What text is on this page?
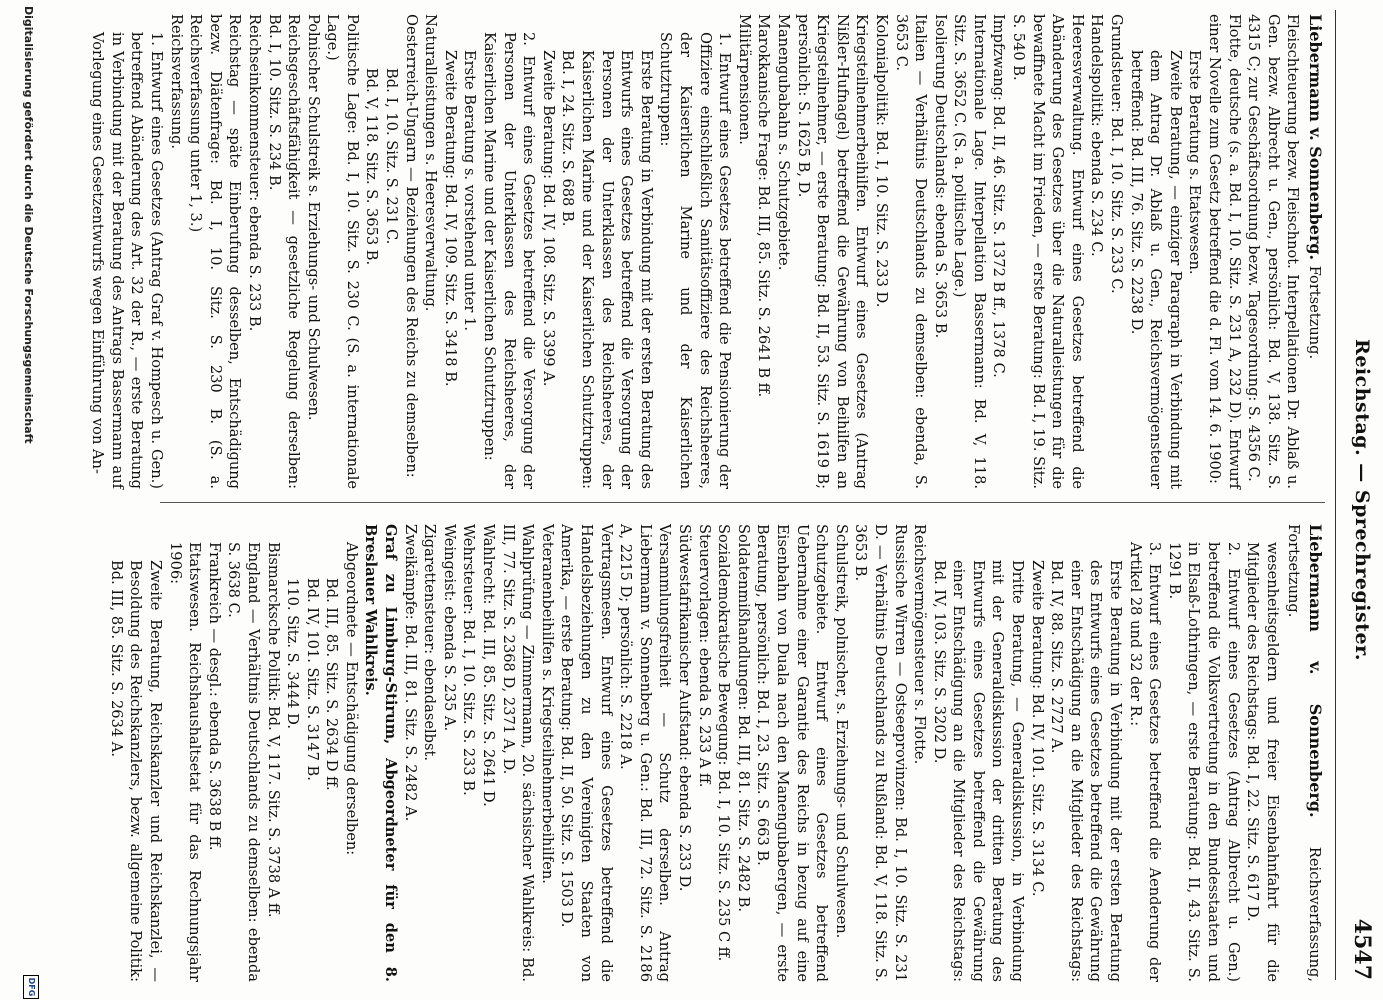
Reichstag. — Sprechregister.
4547

Liebermann v. Sonnenberg. Fortsetzung.

Fleischteuerung bezw. Fleischnot. Interpellationen Dr. Ablaß u. Gen. bezw. Albrecht u. Gen., persönlich: Bd. V, 138. Sitz. S. 4315 C; zur Geschäftsordnung bezw. Tagesordnung: S. 4356 C.

Flotte, deutsche (s. a. Bd. I, 10. Sitz. S. 231 A, 232 D). Entwurf einer Novelle zum Gesetz betreffend die d. Fl. vom 14. 6. 1900:

Erste Beratung s. Etatswesen.

Zweite Beratung, — einziger Paragraph in Verbindung mit dem Antrag Dr. Ablaß u. Gen., Reichsvermögensteuer betreffend: Bd. III, 76. Sitz. S. 2238 D.

Grundsteuer: Bd. I, 10. Sitz. S. 233 C.

Handelspolitik: ebenda S. 234 C.

Heeresverwaltung. Entwurf eines Gesetzes betreffend die Abänderung des Gesetzes über die Naturalleistungen für die bewaffnete Macht im Frieden, — erste Beratung: Bd. I, 19. Sitz. S. 540 B.

Impfzwang: Bd. II, 46. Sitz. S. 1372 B ff., 1378 C.

Internationale Lage. Interpellation Bassermann: Bd. V, 118. Sitz. S. 3652 C. (S. a. politische Lage.)

Isolierung Deutschlands: ebenda S. 3653 B.

Italien — Verhältnis Deutschlands zu demselben: ebenda, S. 3653 C.

Kolonialpolitik: Bd. I, 10. Sitz. S. 233 D.

Kriegsteilnehmerbeihilfen. Entwurf eines Gesetzes (Antrag Nißler-Hufnagel) betreffend die Gewährung von Beihilfen an Kriegsteilnehmer, — erste Beratung: Bd. II, 53. Sitz. S. 1619 B; persönlich: S. 1625 B, D.

Manengubabahn s. Schutzgebiete.

Marokkanische Frage: Bd. III, 85. Sitz. S. 2641 B ff.

Militärpensionen.

1. Entwurf eines Gesetzes betreffend die Pensionierung der Offiziere einschließlich Sanitätsoffiziere des Reichsheeres, der Kaiserlichen Marine und der Kaiserlichen Schutztruppen:

Erste Beratung in Verbindung mit der ersten Beratung des Entwurfs eines Gesetzes betreffend die Versorgung der Personen der Unterklassen des Reichsheeres, der Kaiserlichen Marine und der Kaiserlichen Schutztruppen: Bd. I, 24. Sitz. S. 688 B.

Zweite Beratung: Bd. IV, 108. Sitz. S. 3399 A.

2. Entwurf eines Gesetzes betreffend die Versorgung der Personen der Unterklassen des Reichsheeres, der Kaiserlichen Marine und der Kaiserlichen Schutztruppen:

Erste Beratung s. vorstehend unter 1.

Zweite Beratung: Bd. IV, 109. Sitz. S. 3418 B.

Naturalleistungen s. Heeresverwaltung.

Oesterreich-Ungarn — Beziehungen des Reichs zu demselben:

Bd. I, 10. Sitz. S. 231 C.

Bd. V, 118. Sitz. S. 3653 B.

Politische Lage: Bd. I, 10. Sitz. S. 230 C. (S. a. internationale Lage.)

Polnischer Schulstreik s. Erziehungs- und Schulwesen.

Reichsgeschäftsfähigkeit — gesetzliche Regelung derselben: Bd. I, 10. Sitz. S. 234 B.

Reichseinkommensteuer: ebenda S. 233 B.

Reichstag — späte Einberufung desselben, Entschädigung bezw. Diätenfrage: Bd. I, 10. Sitz. S. 230 B. (S. a. Reichsverfassung unter 1, 3.)

Reichsverfassung.

1. Entwurf eines Gesetzes (Antrag Graf v. Hompesch u. Gen.) betreffend Abänderung des Art. 32 der R., — erste Beratung in Verbindung mit der Beratung des Antrags Bassermann auf Vorlegung eines Gesetzentwurfs wegen Einführung von An-

Liebermann v. Sonnenberg. Reichsverfassung, Fortsetzung.

wesenheitsgeldern und freier Eisenbahnfahrt für die Mitglieder des Reichstags: Bd. I, 22. Sitz. S. 617 D.

2. Entwurf eines Gesetzes (Antrag Albrecht u. Gen.) betreffend die Volksvertretung in den Bundesstaaten und in Elsaß-Lothringen, — erste Beratung: Bd. II, 43. Sitz. S. 1291 B.

3. Entwurf eines Gesetzes betreffend die Aenderung der Artikel 28 und 32 der R.:

Erste Beratung in Verbindung mit der ersten Beratung des Entwurfs eines Gesetzes betreffend die Gewährung einer Entschädigung an die Mitglieder des Reichstags: Bd. IV, 88. Sitz. S. 2727 A.

Zweite Beratung: Bd. IV, 101. Sitz. S. 3134 C.

Dritte Beratung, — Generaldiskussion, in Verbindung mit der Generaldiskussion der dritten Beratung des Entwurfs eines Gesetzes betreffend die Gewährung einer Entschädigung an die Mitglieder des Reichstags: Bd. IV, 103. Sitz. S. 3202 D.

Reichsvermögensteuer s. Flotte.

Russische Wirren — Ostseeprovinzen: Bd. I, 10. Sitz. S. 231 D. — Verhältnis Deutschlands zu Rußland: Bd. V, 118. Sitz. S. 3653 B.

Schulstreik, polnischer, s. Erziehungs- und Schulwesen.

Schutzgebiete. Entwurf eines Gesetzes betreffend Uebernahme einer Garantie des Reichs in bezug auf eine Eisenbahn von Duala nach den Manengubabergen, — erste Beratung, persönlich: Bd. I, 23. Sitz. S. 663 B.

Soldatenmißhandlungen: Bd. III, 81. Sitz. S. 2482 B.

Sozialdemokratische Bewegung: Bd. I, 10. Sitz. S. 235 C ff.

Steuervorlagen: ebenda S. 233 A ff.

Südwestafrikanischer Aufstand: ebenda S. 233 D.

Versammlungsfreiheit — Schutz derselben. Antrag Liebermann v. Sonnenberg u. Gen.: Bd. III, 72. Sitz. S. 2186 A, 2215 D; persönlich: S. 2218 A.

Vertragsmesen. Entwurf eines Gesetzes betreffend die Handelsbeziehungen zu den Vereinigten Staaten von Amerika, — erste Beratung: Bd. II, 50. Sitz. S. 1503 D.

Veteranenbeihilfen s. Kriegsteilnehmerbeihilfen.

Wahlprüfung — Zimmermann, 20. sächsischer Wahlkreis: Bd. III, 77. Sitz. S. 2368 D, 2371 A, D.

Wahlrecht: Bd. III, 85. Sitz. S. 2641 D.

Wehrsteuer: Bd. I, 10. Sitz. S. 233 B.

Weingeist: ebenda S. 235 A.

Zigarettensteuer: ebendaselbst.

Zweikämpfe: Bd. III, 81. Sitz. S. 2482 A.

Graf zu Limburg-Stirum, Abgeordneter für den 8. Breslauer Wahlkreis.

Abgeordnete — Entschädigung derselben:

Bd. III, 85. Sitz. S. 2634 D ff.

Bd. IV, 101. Sitz. S. 3147 B.

110. Sitz. S. 3444 D.

Bismarcksche Politik: Bd. V, 117. Sitz. S. 3738 A ff.

England — Verhältnis Deutschlands zu demselben: ebenda S. 3638 C.

Frankreich — desgl.: ebenda S. 3638 B ff.

Etatswesen. Reichshaushaltsetat für das Rechnungsjahr 1906:

Zweite Beratung, Reichskanzler und Reichskanzlei, — Besoldung des Reichskanzlers, bezw. allgemeine Politik: Bd. III, 85. Sitz. S. 2634 A.

Digitalisierung gefördert durch die Deutsche Forschungsgemeinschaft
DFG
